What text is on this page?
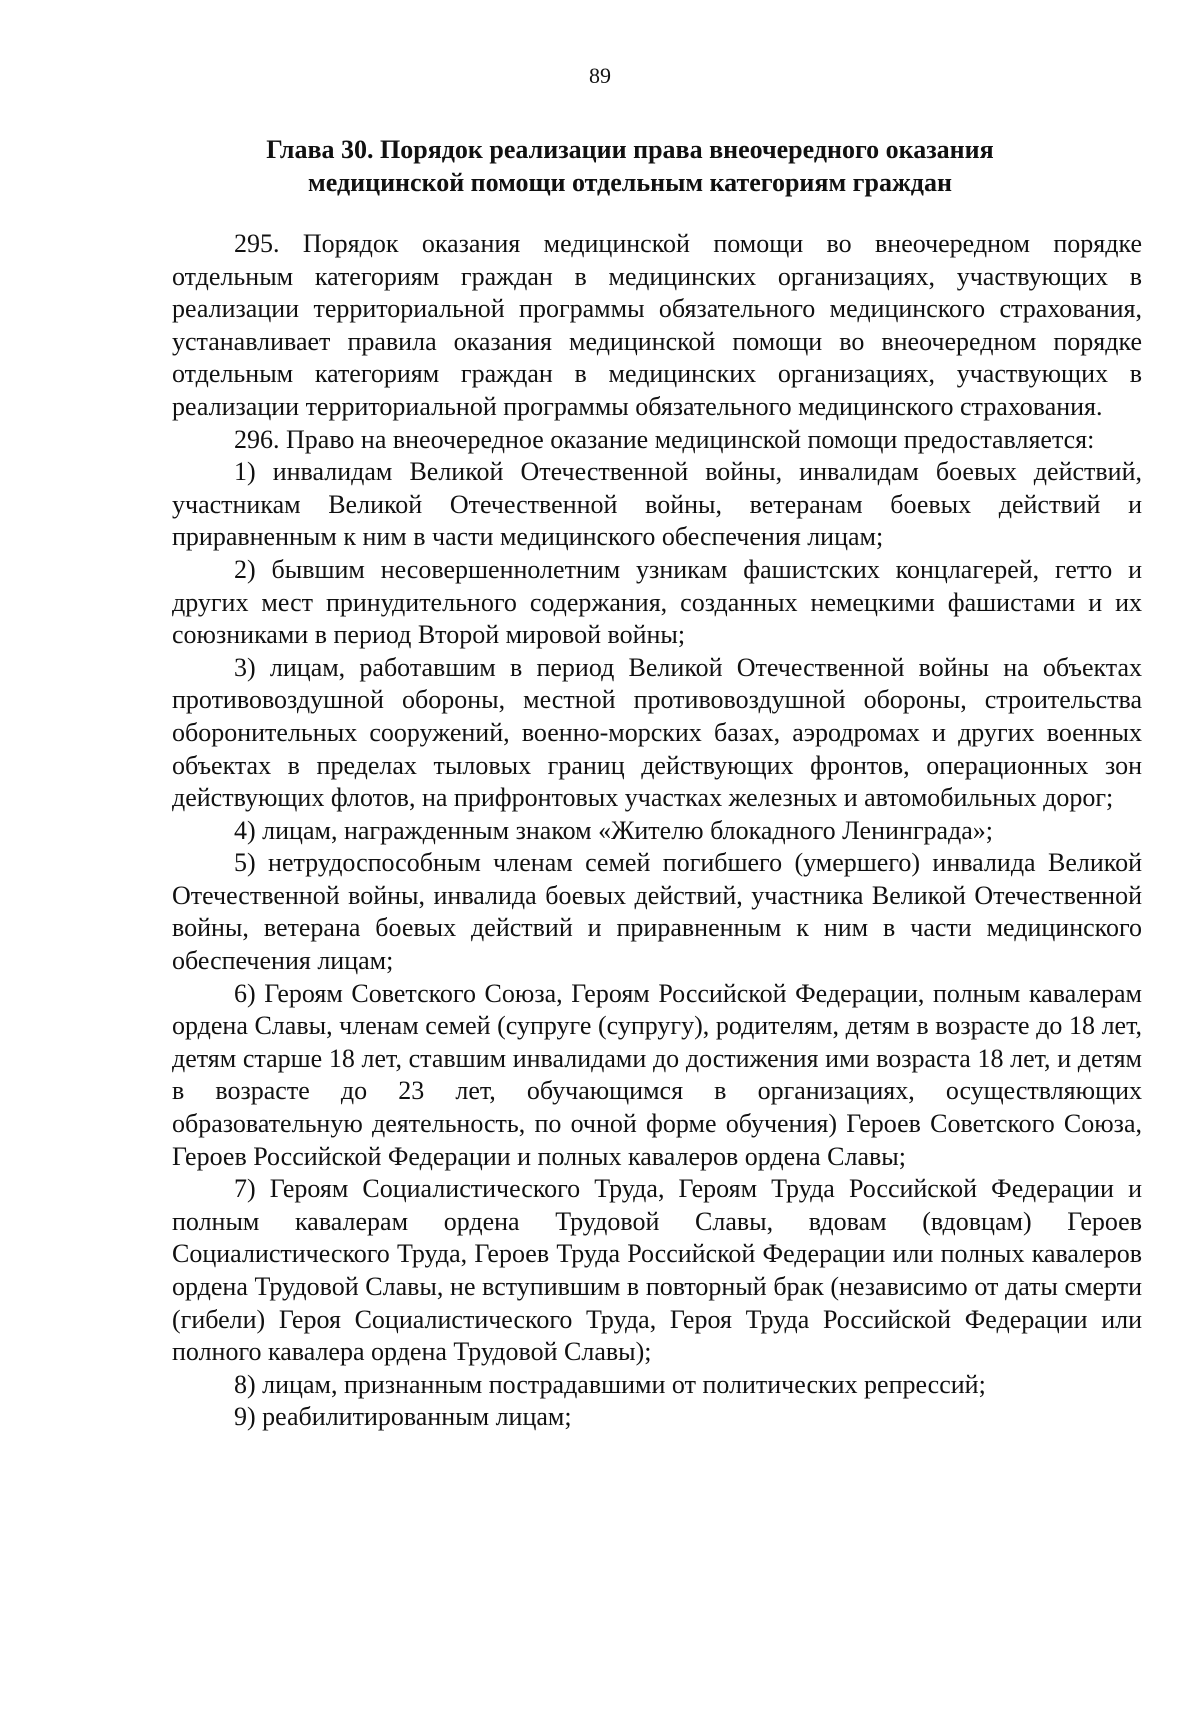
89
Глава 30. Порядок реализации права внеочередного оказания
медицинской помощи отдельным категориям граждан

295. Порядок оказания медицинской помощи во внеочередном порядке отдельным категориям граждан в медицинских организациях, участвующих в реализации территориальной программы обязательного медицинского страхования, устанавливает правила оказания медицинской помощи во внеочередном порядке отдельным категориям граждан в медицинских организациях, участвующих в реализации территориальной программы обязательного медицинского страхования.

296. Право на внеочередное оказание медицинской помощи предоставляется:

1) инвалидам Великой Отечественной войны, инвалидам боевых действий, участникам Великой Отечественной войны, ветеранам боевых действий и приравненным к ним в части медицинского обеспечения лицам;

2) бывшим несовершеннолетним узникам фашистских концлагерей, гетто и других мест принудительного содержания, созданных немецкими фашистами и их союзниками в период Второй мировой войны;

3) лицам, работавшим в период Великой Отечественной войны на объектах противовоздушной обороны, местной противовоздушной обороны, строительства оборонительных сооружений, военно-морских базах, аэродромах и других военных объектах в пределах тыловых границ действующих фронтов, операционных зон действующих флотов, на прифронтовых участках железных и автомобильных дорог;

4) лицам, награжденным знаком «Жителю блокадного Ленинграда»;

5) нетрудоспособным членам семей погибшего (умершего) инвалида Великой Отечественной войны, инвалида боевых действий, участника Великой Отечественной войны, ветерана боевых действий и приравненным к ним в части медицинского обеспечения лицам;

6) Героям Советского Союза, Героям Российской Федерации, полным кавалерам ордена Славы, членам семей (супруге (супругу), родителям, детям в возрасте до 18 лет, детям старше 18 лет, ставшим инвалидами до достижения ими возраста 18 лет, и детям в возрасте до 23 лет, обучающимся в организациях, осуществляющих образовательную деятельность, по очной форме обучения) Героев Советского Союза, Героев Российской Федерации и полных кавалеров ордена Славы;

7) Героям Социалистического Труда, Героям Труда Российской Федерации и полным кавалерам ордена Трудовой Славы, вдовам (вдовцам) Героев Социалистического Труда, Героев Труда Российской Федерации или полных кавалеров ордена Трудовой Славы, не вступившим в повторный брак (независимо от даты смерти (гибели) Героя Социалистического Труда, Героя Труда Российской Федерации или полного кавалера ордена Трудовой Славы);

8) лицам, признанным пострадавшими от политических репрессий;

9) реабилитированным лицам;
